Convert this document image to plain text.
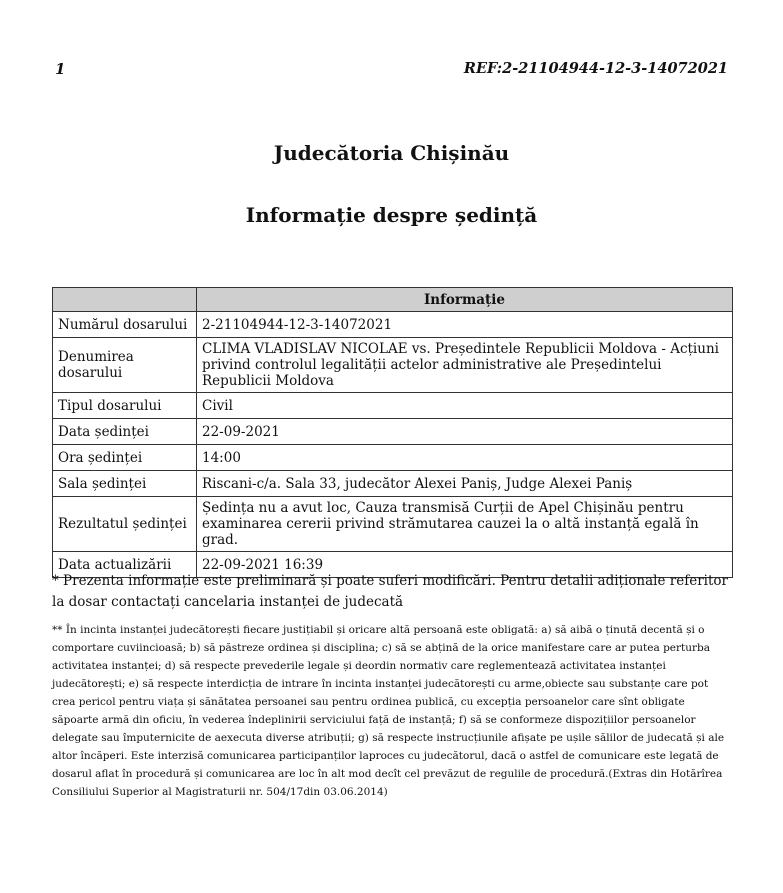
1	REF:2-21104944-12-3-14072021
Judecătoria Chișinău
Informație despre ședință
	Informație
Numărul dosarului	2-21104944-12-3-14072021
Denumirea dosarului	CLIMA VLADISLAV NICOLAE vs. Președintele Republicii Moldova - Acțiuni privind controlul legalității actelor administrative ale Președintelui Republicii Moldova
Tipul dosarului	Civil
Data ședinței	22-09-2021
Ora ședinței	14:00
Sala ședinței	Riscani-c/a. Sala 33, judecător Alexei Paniș, Judge Alexei Paniș
Rezultatul ședinței	Ședința nu a avut loc, Cauza transmisă Curții de Apel Chișinău pentru examinarea cererii privind strămutarea cauzei la o altă instanță egală în grad.
Data actualizării	22-09-2021 16:39
* Prezenta informație este preliminară și poate suferi modificări. Pentru detalii adiționale referitor la dosar contactați cancelaria instanței de judecată
** În incinta instanței judecătorești fiecare justițiabil și oricare altă persoană este obligată: a) să aibă o ținută decentă și o comportare cuviincioasă; b) să păstreze ordinea și disciplina; c) să se abțină de la orice manifestare care ar putea perturba activitatea instanței; d) să respecte prevederile legale și deordin normativ care reglementează activitatea instanței judecătorești; e) să respecte interdicția de intrare în incinta instanței judecătorești cu arme,obiecte sau substanțe care pot crea pericol pentru viața și sănătatea persoanei sau pentru ordinea publică, cu excepția persoanelor care sînt obligate săpoarte armă din oficiu, în vederea îndeplinirii serviciului față de instanță; f) să se conformeze dispozițiilor persoanelor delegate sau împuternicite de aexecuta diverse atribuții; g) să respecte instrucțiunile afișate pe ușile sălilor de judecată și ale altor încăperi. Este interzisă comunicarea participanților laproces cu judecătorul, dacă o astfel de comunicare este legată de dosarul aflat în procedură și comunicarea are loc în alt mod decît cel prevăzut de regulile de procedură.(Extras din Hotărîrea Consiliului Superior al Magistraturii nr. 504/17din 03.06.2014)
